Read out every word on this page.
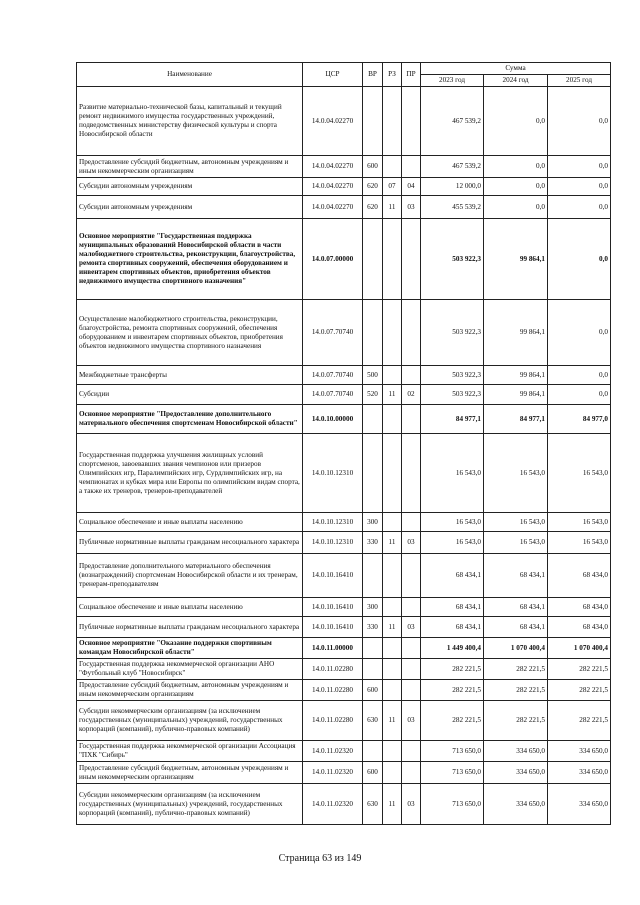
Наименование	ЦСР	ВР	РЗ	ПР	Сумма		
					2023 год	2024 год	2025 год
Развитие материально-технической базы, капитальный и текущий ремонт недвижимого имущества государственных учреждений, подведомственных министерству физической культуры и спорта Новосибирской области	14.0.04.02270				467 539,2	0,0	0,0
Предоставление субсидий бюджетным, автономным учреждениям и иным некоммерческим организациям	14.0.04.02270	600			467 539,2	0,0	0,0
Субсидии автономным учреждениям	14.0.04.02270	620	07	04	12 000,0	0,0	0,0
Субсидии автономным учреждениям	14.0.04.02270	620	11	03	455 539,2	0,0	0,0
Основное мероприятие "Государственная поддержка муниципальных образований Новосибирской области в части малобюджетного строительства, реконструкции, благоустройства, ремонта спортивных сооружений, обеспечения оборудованием и инвентарем спортивных объектов, приобретения объектов недвижимого имущества спортивного назначения"	14.0.07.00000				503 922,3	99 864,1	0,0
Осуществление малобюджетного строительства, реконструкции, благоустройства, ремонта спортивных сооружений, обеспечения оборудованием и инвентарем спортивных объектов, приобретения объектов недвижимого имущества спортивного назначения	14.0.07.70740				503 922,3	99 864,1	0,0
Межбюджетные трансферты	14.0.07.70740	500			503 922,3	99 864,1	0,0
Субсидии	14.0.07.70740	520	11	02	503 922,3	99 864,1	0,0
Основное мероприятие "Предоставление дополнительного материального обеспечения спортсменам Новосибирской области"	14.0.10.00000				84 977,1	84 977,1	84 977,0
Государственная поддержка улучшения жилищных условий спортсменов, завоевавших звания чемпионов или призеров Олимпийских игр, Паралимпийских игр, Сурдлимпийских игр, на чемпионатах и кубках мира или Европы по олимпийским видам спорта, а также их тренеров, тренеров-преподавателей	14.0.10.12310				16 543,0	16 543,0	16 543,0
Социальное обеспечение и иные выплаты населению	14.0.10.12310	300			16 543,0	16 543,0	16 543,0
Публичные нормативные выплаты гражданам несоциального характера	14.0.10.12310	330	11	03	16 543,0	16 543,0	16 543,0
Предоставление дополнительного материального обеспечения (вознаграждений) спортсменам Новосибирской области и их тренерам, тренерам-преподавателям	14.0.10.16410				68 434,1	68 434,1	68 434,0
Социальное обеспечение и иные выплаты населению	14.0.10.16410	300			68 434,1	68 434,1	68 434,0
Публичные нормативные выплаты гражданам несоциального характера	14.0.10.16410	330	11	03	68 434,1	68 434,1	68 434,0
Основное мероприятие "Оказание поддержки спортивным командам Новосибирской области"	14.0.11.00000				1 449 400,4	1 070 400,4	1 070 400,4
Государственная поддержка некоммерческой организации АНО "Футбольный клуб "Новосибирск"	14.0.11.02280				282 221,5	282 221,5	282 221,5
Предоставление субсидий бюджетным, автономным учреждениям и иным некоммерческим организациям	14.0.11.02280	600			282 221,5	282 221,5	282 221,5
Субсидии некоммерческим организациям (за исключением государственных (муниципальных) учреждений, государственных корпораций (компаний), публично-правовых компаний)	14.0.11.02280	630	11	03	282 221,5	282 221,5	282 221,5
Государственная поддержка некоммерческой организации Ассоциация "ПХК "Сибирь"	14.0.11.02320				713 650,0	334 650,0	334 650,0
Предоставление субсидий бюджетным, автономным учреждениям и иным некоммерческим организациям	14.0.11.02320	600			713 650,0	334 650,0	334 650,0
Субсидии некоммерческим организациям (за исключением государственных (муниципальных) учреждений, государственных корпораций (компаний), публично-правовых компаний)	14.0.11.02320	630	11	03	713 650,0	334 650,0	334 650,0
Страница 63 из 149
